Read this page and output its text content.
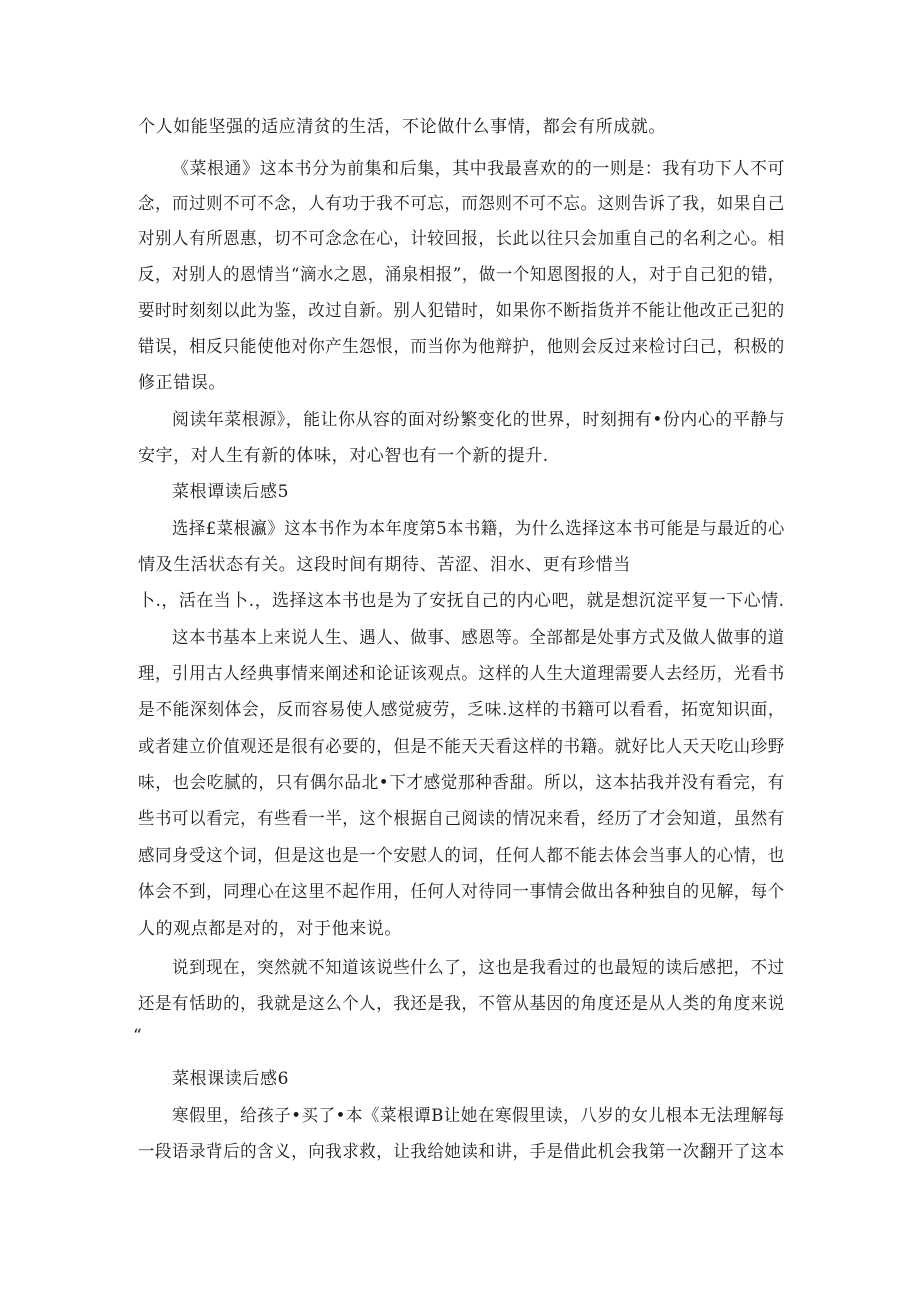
个人如能坚强的适应清贫的生活，不论做什么事情，都会有所成就。
《菜根通》这本书分为前集和后集，其中我最喜欢的的一则是：我有功下人不可
念，而过则不可不念，人有功于我不可忘，而怨则不可不忘。这则告诉了我，如果自己
对别人有所恩惠，切不可念念在心，计较回报，长此以往只会加重自己的名利之心。相
反，对别人的恩情当“滴水之恩，涌泉相报”，做一个知恩图报的人，对于自己犯的错，
要时时刻刻以此为鉴，改过自新。别人犯错时，如果你不断指货并不能让他改正己犯的
错误，相反只能使他对你产生怨恨，而当你为他辩护，他则会反过来检讨臼己，积极的
修正错误。
阅读年菜根源》，能让你从容的面对纷繁变化的世界，时刻拥有•份内心的平静与
安宇，对人生有新的体味，对心智也有一个新的提升.
菜根谭读后感5
选择£菜根瀛》这本书作为本年度第5本书籍，为什么选择这本书可能是与最近的心
情及生活状态有关。这段时间有期待、苦涩、泪水、更有珍惜当
卜.，活在当卜.，选择这本书也是为了安抚自己的内心吧，就是想沉淀平复一下心情.
这本书基本上来说人生、遇人、做事、感恩等。全部都是处事方式及做人做事的道
理，引用古人经典事情来阐述和论证该观点。这样的人生大道理需要人去经历，光看书
是不能深刻体会，反而容易使人感觉疲劳，乏味.这样的书籍可以看看，拓宽知识面，
或者建立价值观还是很有必要的，但是不能天天看这样的书籍。就好比人天天吃山珍野
味，也会吃腻的，只有偶尔品北•下才感觉那种香甜。所以，这本拈我并没有看完，有
些书可以看完，有些看一半，这个根据自己阅读的情况来看，经历了才会知道，虽然有
感同身受这个词，但是这也是一个安慰人的词，任何人都不能去体会当事人的心情，也
体会不到，同理心在这里不起作用，任何人对待同一事情会做出各种独自的见解，每个
人的观点都是对的，对于他来说。
说到现在，突然就不知道该说些什么了，这也是我看过的也最短的读后感把，不过
还是有恬助的，我就是这么个人，我还是我，不管从基因的角度还是从人类的角度来说
“
菜根课读后感6
寒假里，给孩子•买了•本《菜根谭B让她在寒假里读，八岁的女儿根本无法理解每
一段语录背后的含义，向我求救，让我给她读和讲，手是借此机会我第一次翻开了这本
